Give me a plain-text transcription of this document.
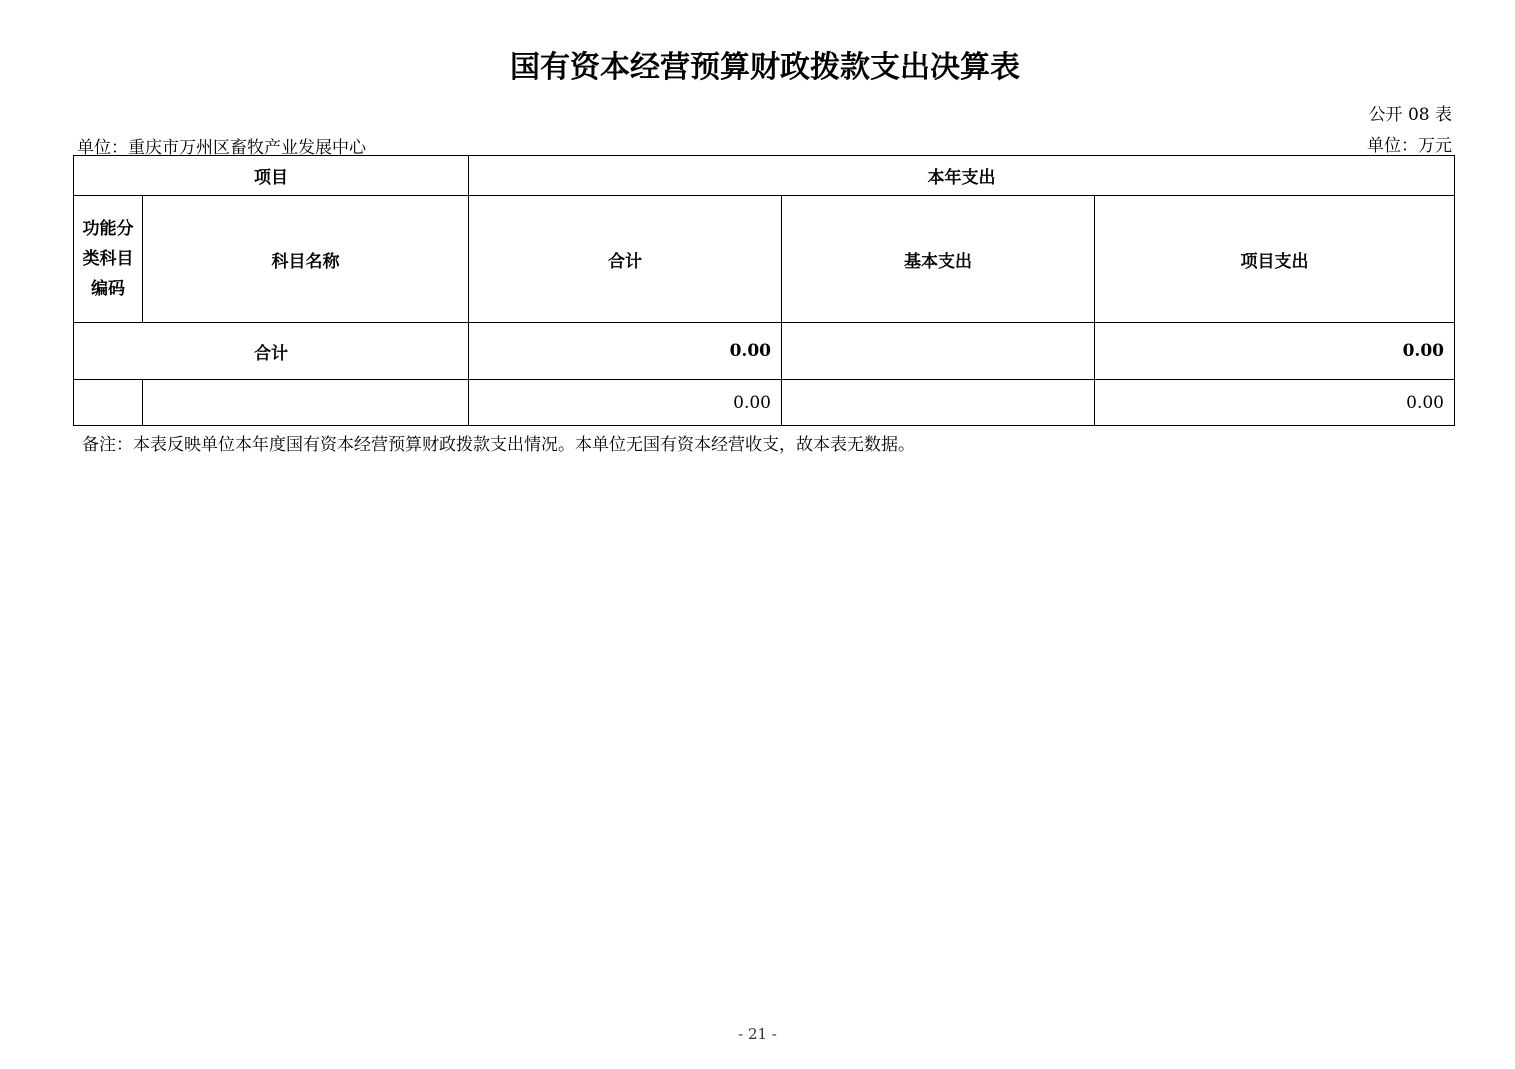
国有资本经营预算财政拨款支出决算表
公开 08 表
单位：重庆市万州区畜牧产业发展中心	单位：万元
项目		本年支出		

功能分
类科目
编码	科目名称	合计	基本支出	项目支出
合计		0.00		0.00
		0.00		0.00
备注：本表反映单位本年度国有资本经营预算财政拨款支出情况。本单位无国有资本经营收支，故本表无数据。
- 21 -
